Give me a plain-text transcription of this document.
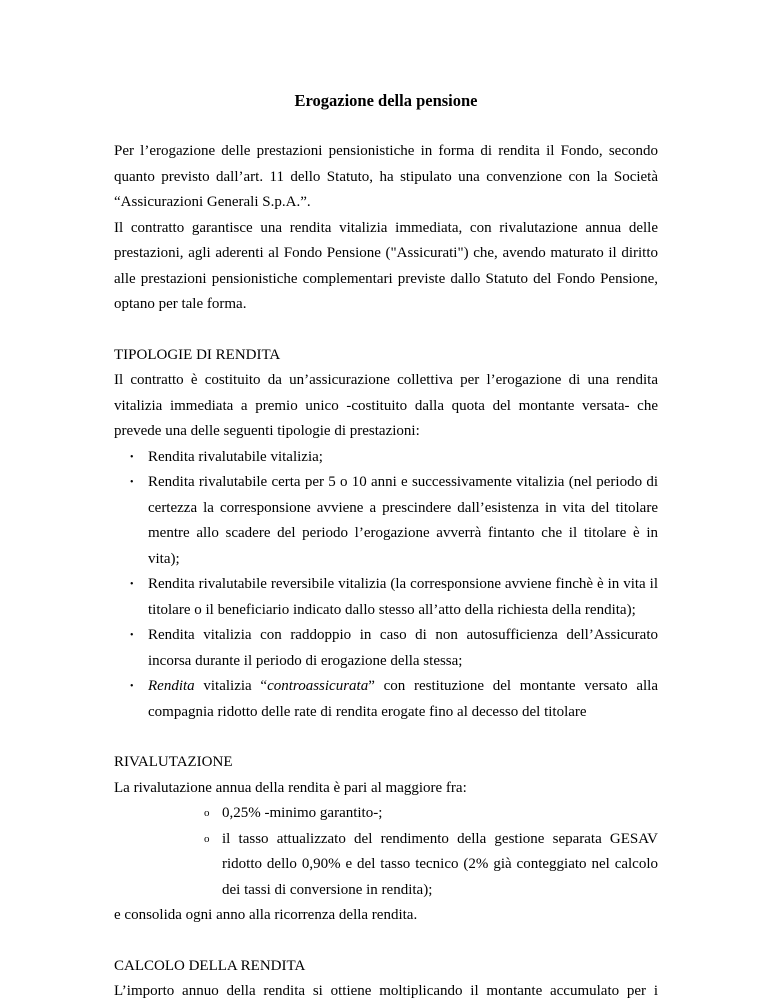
Erogazione della pensione

Per l’erogazione delle prestazioni pensionistiche in forma di rendita il Fondo, secondo quanto previsto dall’art. 11 dello Statuto, ha stipulato una convenzione con la Società “Assicurazioni Generali S.p.A.”.

Il contratto garantisce una rendita vitalizia immediata, con rivalutazione annua delle prestazioni, agli aderenti al Fondo Pensione ("Assicurati") che, avendo maturato il diritto alle prestazioni pensionistiche complementari previste dallo Statuto del Fondo Pensione, optano per tale forma.

TIPOLOGIE DI RENDITA

Il contratto è costituito da un’assicurazione collettiva per l’erogazione di una rendita vitalizia immediata a premio unico -costituito dalla quota del montante versata- che prevede una delle seguenti tipologie di prestazioni:

• Rendita rivalutabile vitalizia;
• Rendita rivalutabile certa per 5 o 10 anni e successivamente vitalizia (nel periodo di certezza la corresponsione avviene a prescindere dall’esistenza in vita del titolare mentre allo scadere del periodo l’erogazione avverrà fintanto che il titolare è in vita);
• Rendita rivalutabile reversibile vitalizia (la corresponsione avviene finchè è in vita il titolare o il beneficiario indicato dallo stesso all’atto della richiesta della rendita);
• Rendita vitalizia con raddoppio in caso di non autosufficienza dell’Assicurato incorsa durante il periodo di erogazione della stessa;
• Rendita vitalizia “controassicurata” con restituzione del montante versato alla compagnia ridotto delle rate di rendita erogate fino al decesso del titolare

RIVALUTAZIONE

La rivalutazione annua della rendita è pari al maggiore fra:

o 0,25% -minimo garantito-;
o il tasso attualizzato del rendimento della gestione separata GESAV ridotto dello 0,90% e del tasso tecnico (2% già conteggiato nel calcolo dei tassi di conversione in rendita);

e consolida ogni anno alla ricorrenza della rendita.

CALCOLO DELLA RENDITA

L’importo annuo della rendita si ottiene moltiplicando il montante accumulato per i
